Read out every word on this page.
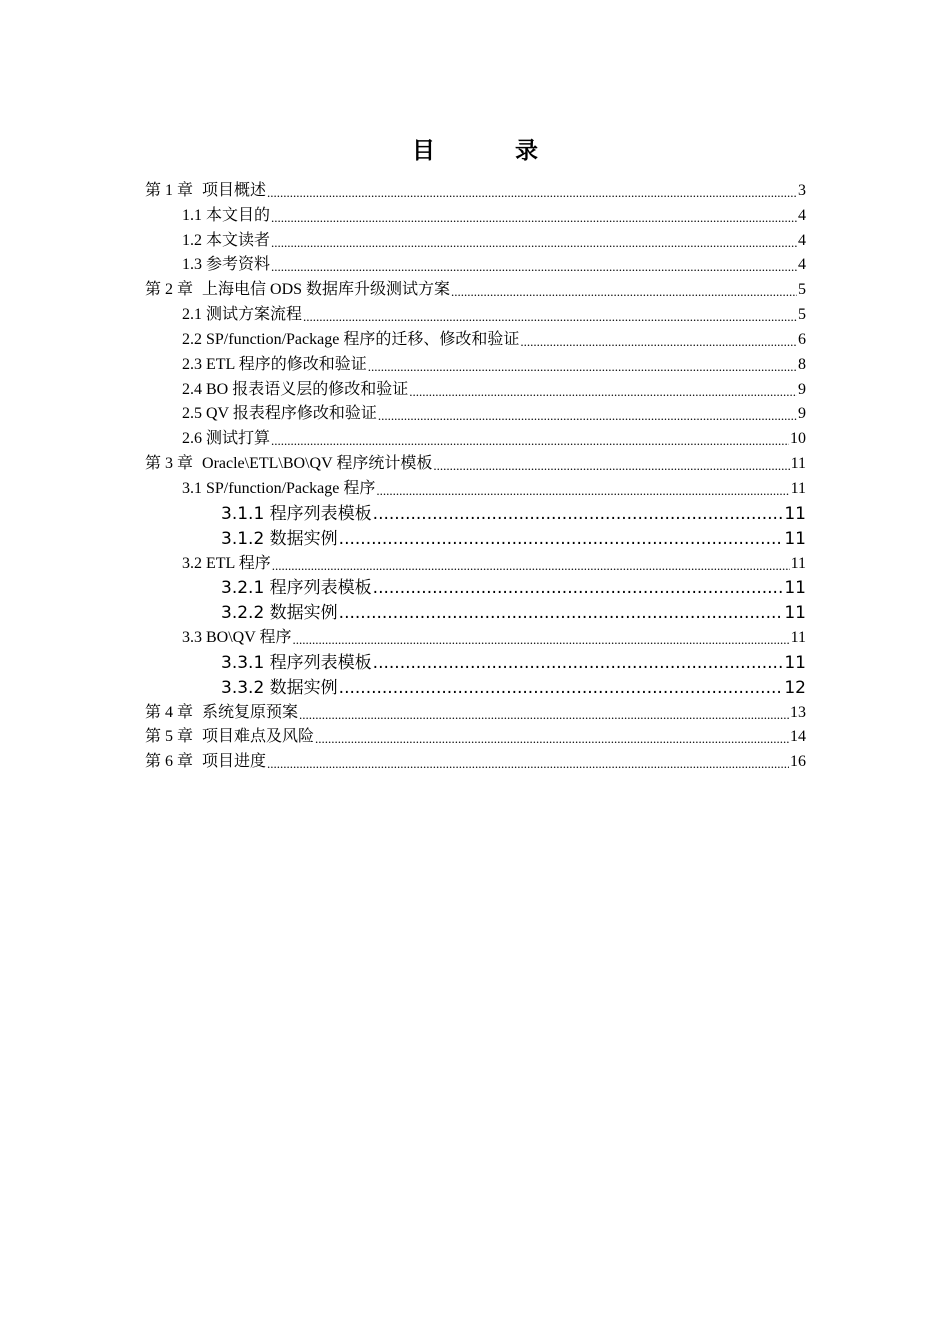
目 录
第 1 章 项目概述 .....	3
1.1 本文目的 .....	4
1.2 本文读者 .....	4
1.3 参考资料 .....	4
第 2 章 上海电信 ODS 数据库升级测试方案 .....	5
2.1 测试方案流程 .....	5
2.2 SP/function/Package 程序的迁移、修改和验证 .....	6
2.3 ETL 程序的修改和验证 .....	8
2.4 BO 报表语义层的修改和验证 .....	9
2.5 QV 报表程序修改和验证 .....	9
2.6 测试打算 .....	10
第 3 章 Oracle\ETL\BO\QV 程序统计模板 .....	11
3.1 SP/function/Package 程序 .....	11
3.1.1 程序列表模板 .....	11
3.1.2 数据实例 .....	11
3.2 ETL 程序 .....	11
3.2.1 程序列表模板 .....	11
3.2.2 数据实例 .....	11
3.3 BO\QV 程序 .....	11
3.3.1 程序列表模板 .....	11
3.3.2 数据实例 .....	12
第 4 章 系统复原预案 .....	13
第 5 章 项目难点及风险 .....	14
第 6 章 项目进度 .....	16
